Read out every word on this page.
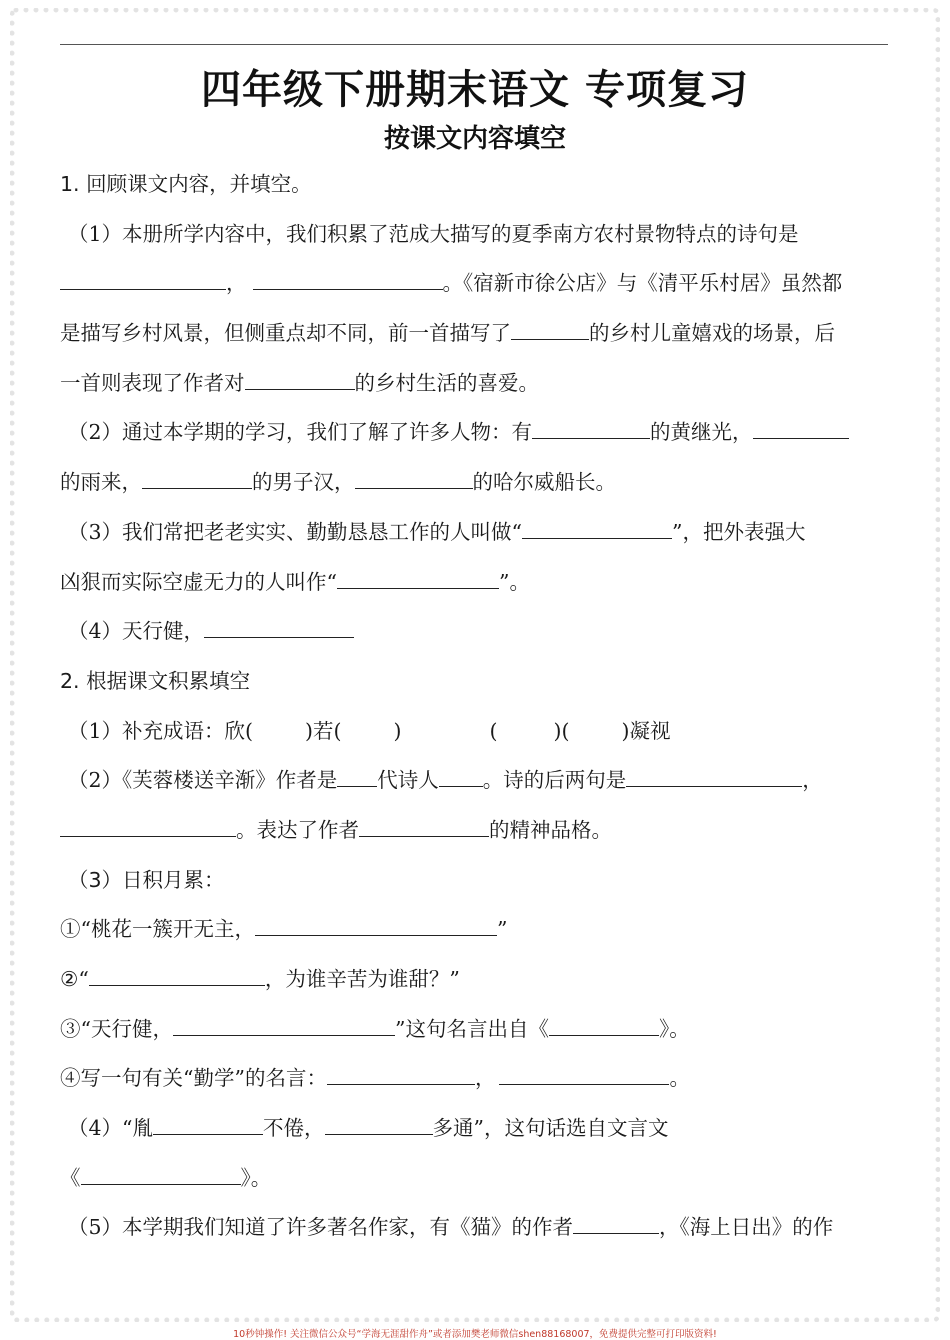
四年级下册期末语文 专项复习
按课文内容填空
1. 回顾课文内容，并填空。
（1）本册所学内容中，我们积累了范成大描写的夏季南方农村景物特点的诗句是
，	。《宿新市徐公店》与《清平乐村居》虽然都
是描写乡村风景，但侧重点却不同，前一首描写了	的乡村儿童嬉戏的场景，后
一首则表现了作者对	的乡村生活的喜爱。
（2）通过本学期的学习，我们了解了许多人物：有	的黄继光，
的雨来，	的男子汉，	的哈尔威船长。
（3）我们常把老老实实、勤勤恳恳工作的人叫做“	”，把外表强大
凶狠而实际空虚无力的人叫作“	”。
（4）天行健，
2. 根据课文积累填空
（1）补充成语：欣(	)若(	)	(	)(	)凝视
（2）《芙蓉楼送辛渐》作者是 代诗人 。诗的后两句是	，
。表达了作者	的精神品格。
（3）日积月累：
①“桃花一簇开无主，	”
②“	，为谁辛苦为谁甜？”
③“天行健，	”这句名言出自《	》。
④写一句有关“勤学”的名言：	，	。
（4）“胤	不倦，	多通”，这句话选自文言文
《	》。
（5）本学期我们知道了许多著名作家，有《猫》的作者	，《海上日出》的作
10秒钟操作! 关注微信公众号“学海无涯甜作舟”或者添加樊老师微信shen88168007，免费提供完整可打印版资料!
